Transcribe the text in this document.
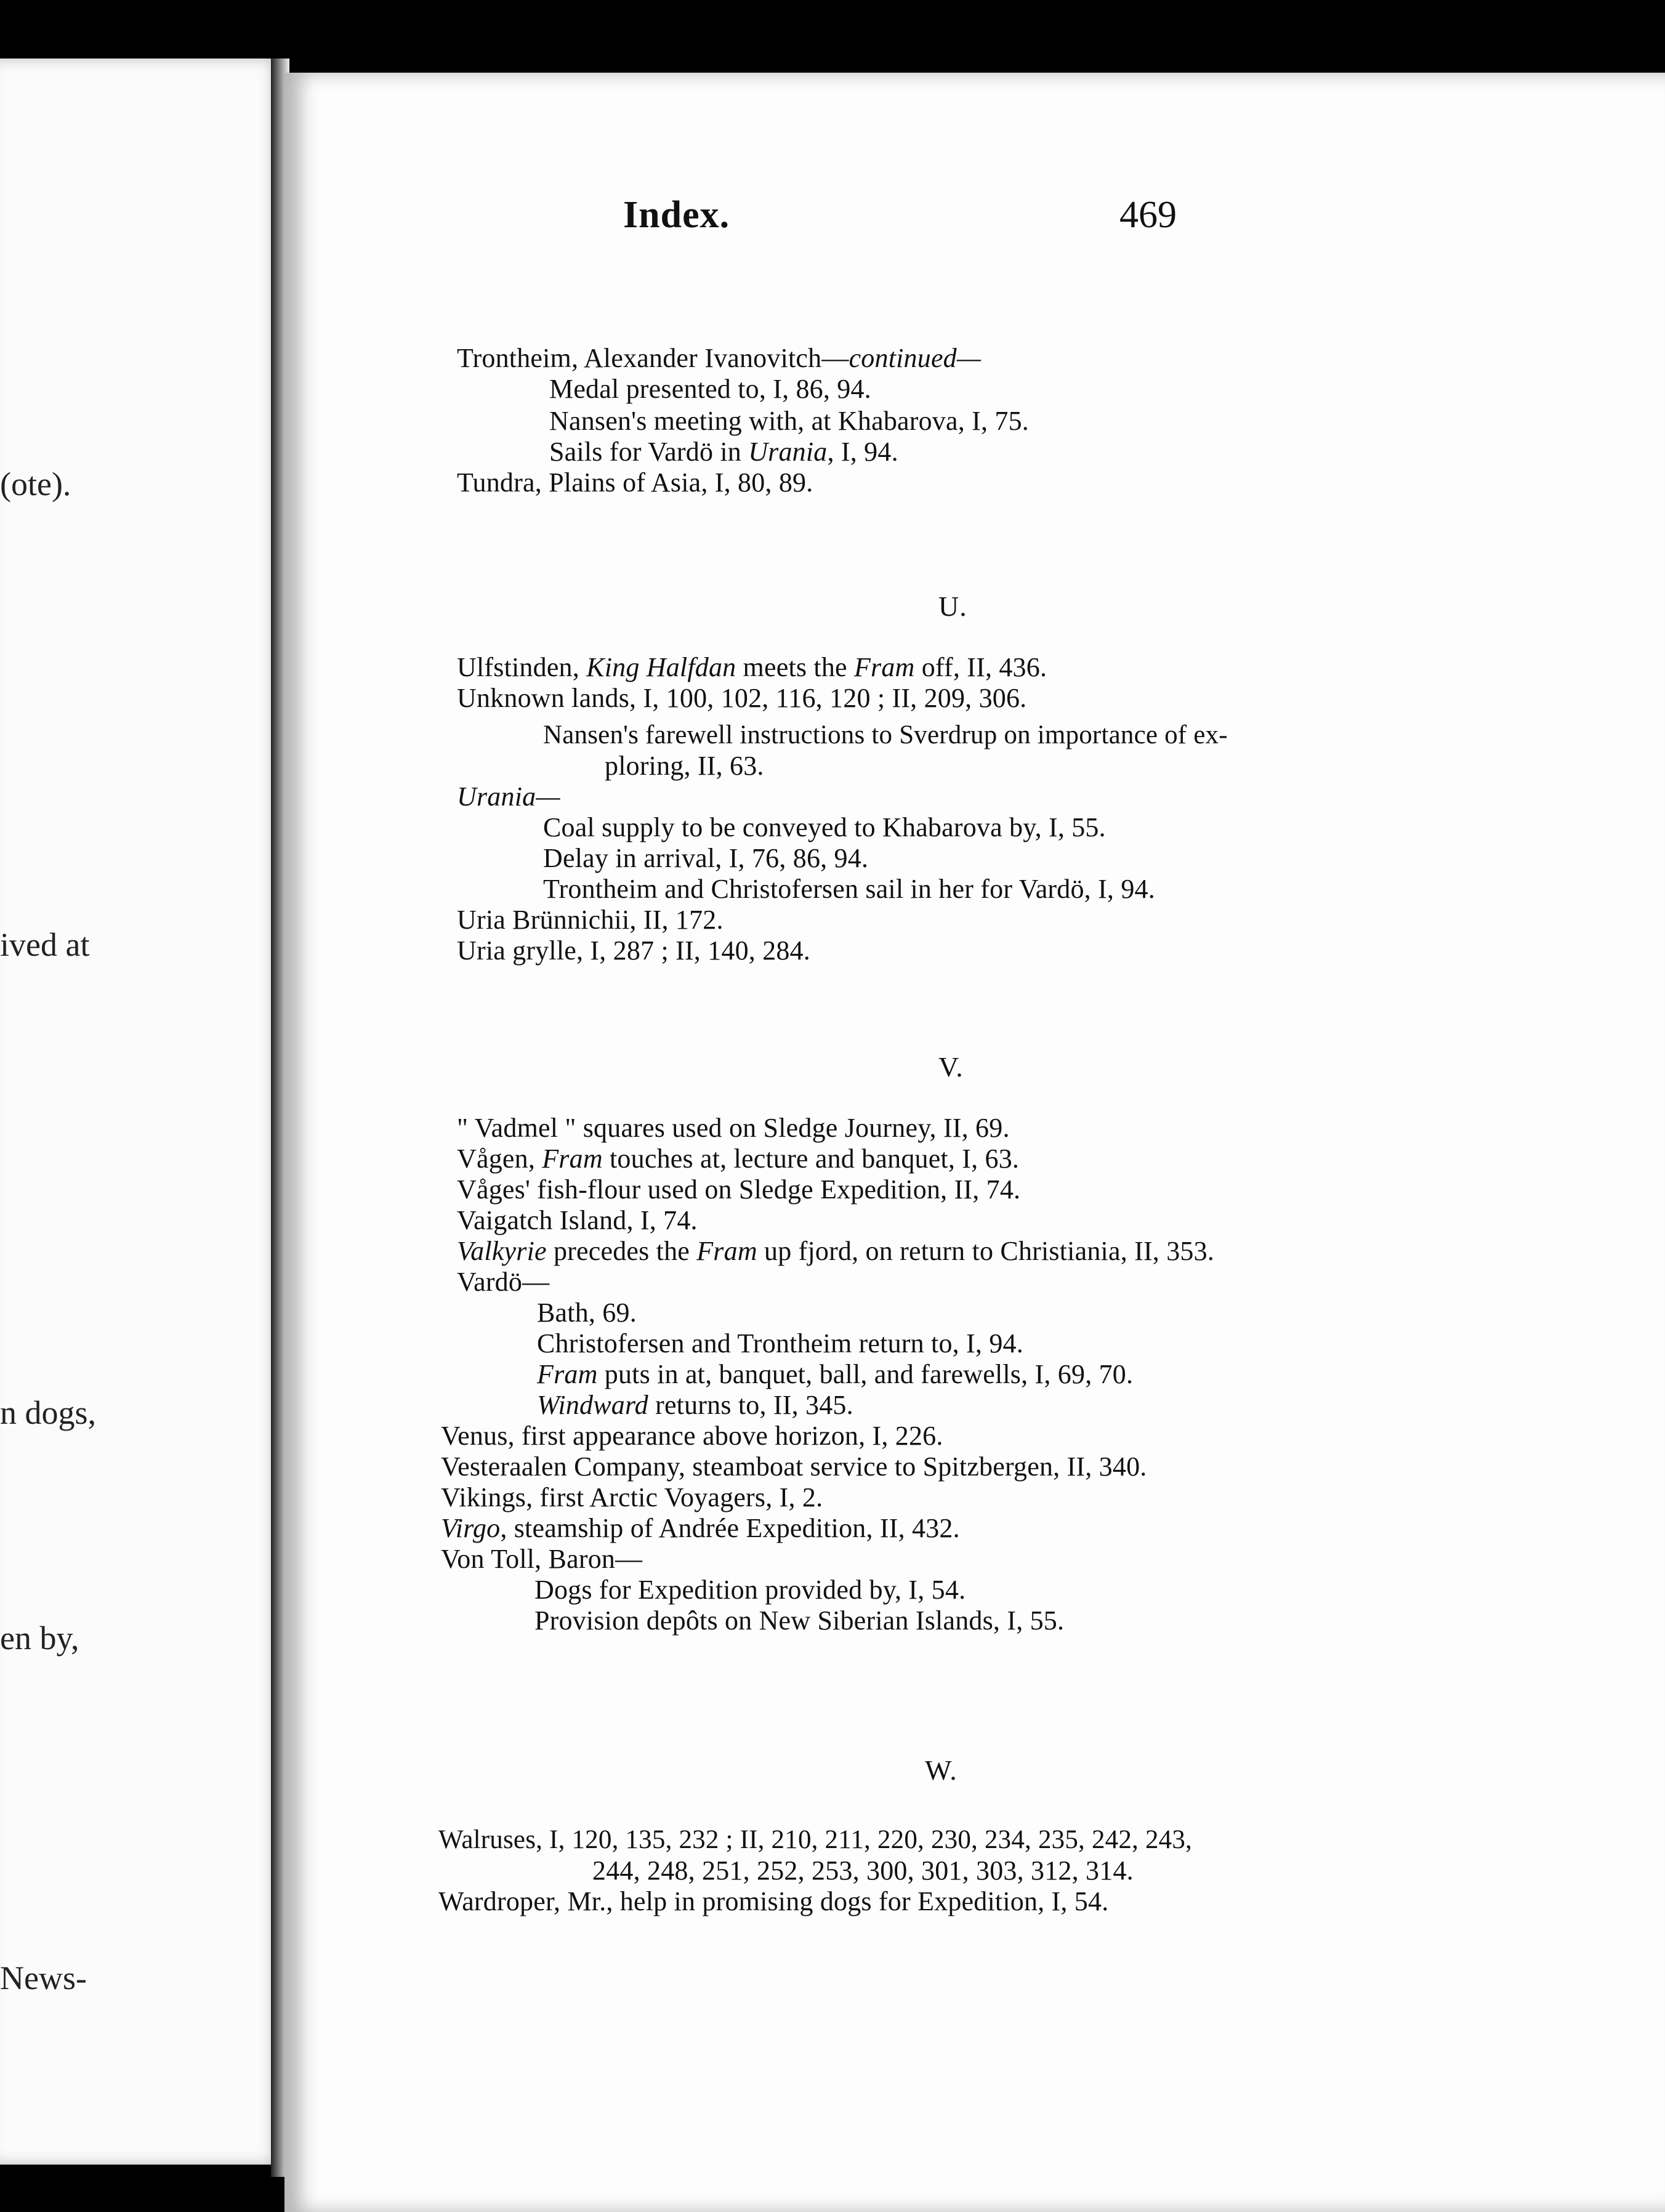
(ote).
ived at
n dogs,
en by,
News-
Index.	469
Trontheim, Alexander Ivanovitch—continued—
Medal presented to, I, 86, 94.
Nansen's meeting with, at Khabarova, I, 75.
Sails for Vardö in Urania, I, 94.
Tundra, Plains of Asia, I, 80, 89.
U.
Ulfstinden, King Halfdan meets the Fram off, II, 436.
Unknown lands, I, 100, 102, 116, 120 ; II, 209, 306.
Nansen's farewell instructions to Sverdrup on importance of ex-
ploring, II, 63.
Urania—
Coal supply to be conveyed to Khabarova by, I, 55.
Delay in arrival, I, 76, 86, 94.
Trontheim and Christofersen sail in her for Vardö, I, 94.
Uria Brünnichii, II, 172.
Uria grylle, I, 287 ; II, 140, 284.
V.
" Vadmel " squares used on Sledge Journey, II, 69.
Vågen, Fram touches at, lecture and banquet, I, 63.
Våges' fish-flour used on Sledge Expedition, II, 74.
Vaigatch Island, I, 74.
Valkyrie precedes the Fram up fjord, on return to Christiania, II, 353.
Vardö—
Bath, 69.
Christofersen and Trontheim return to, I, 94.
Fram puts in at, banquet, ball, and farewells, I, 69, 70.
Windward returns to, II, 345.
Venus, first appearance above horizon, I, 226.
Vesteraalen Company, steamboat service to Spitzbergen, II, 340.
Vikings, first Arctic Voyagers, I, 2.
Virgo, steamship of Andrée Expedition, II, 432.
Von Toll, Baron—
Dogs for Expedition provided by, I, 54.
Provision depôts on New Siberian Islands, I, 55.
W.
Walruses, I, 120, 135, 232 ; II, 210, 211, 220, 230, 234, 235, 242, 243,
244, 248, 251, 252, 253, 300, 301, 303, 312, 314.
Wardroper, Mr., help in promising dogs for Expedition, I, 54.
